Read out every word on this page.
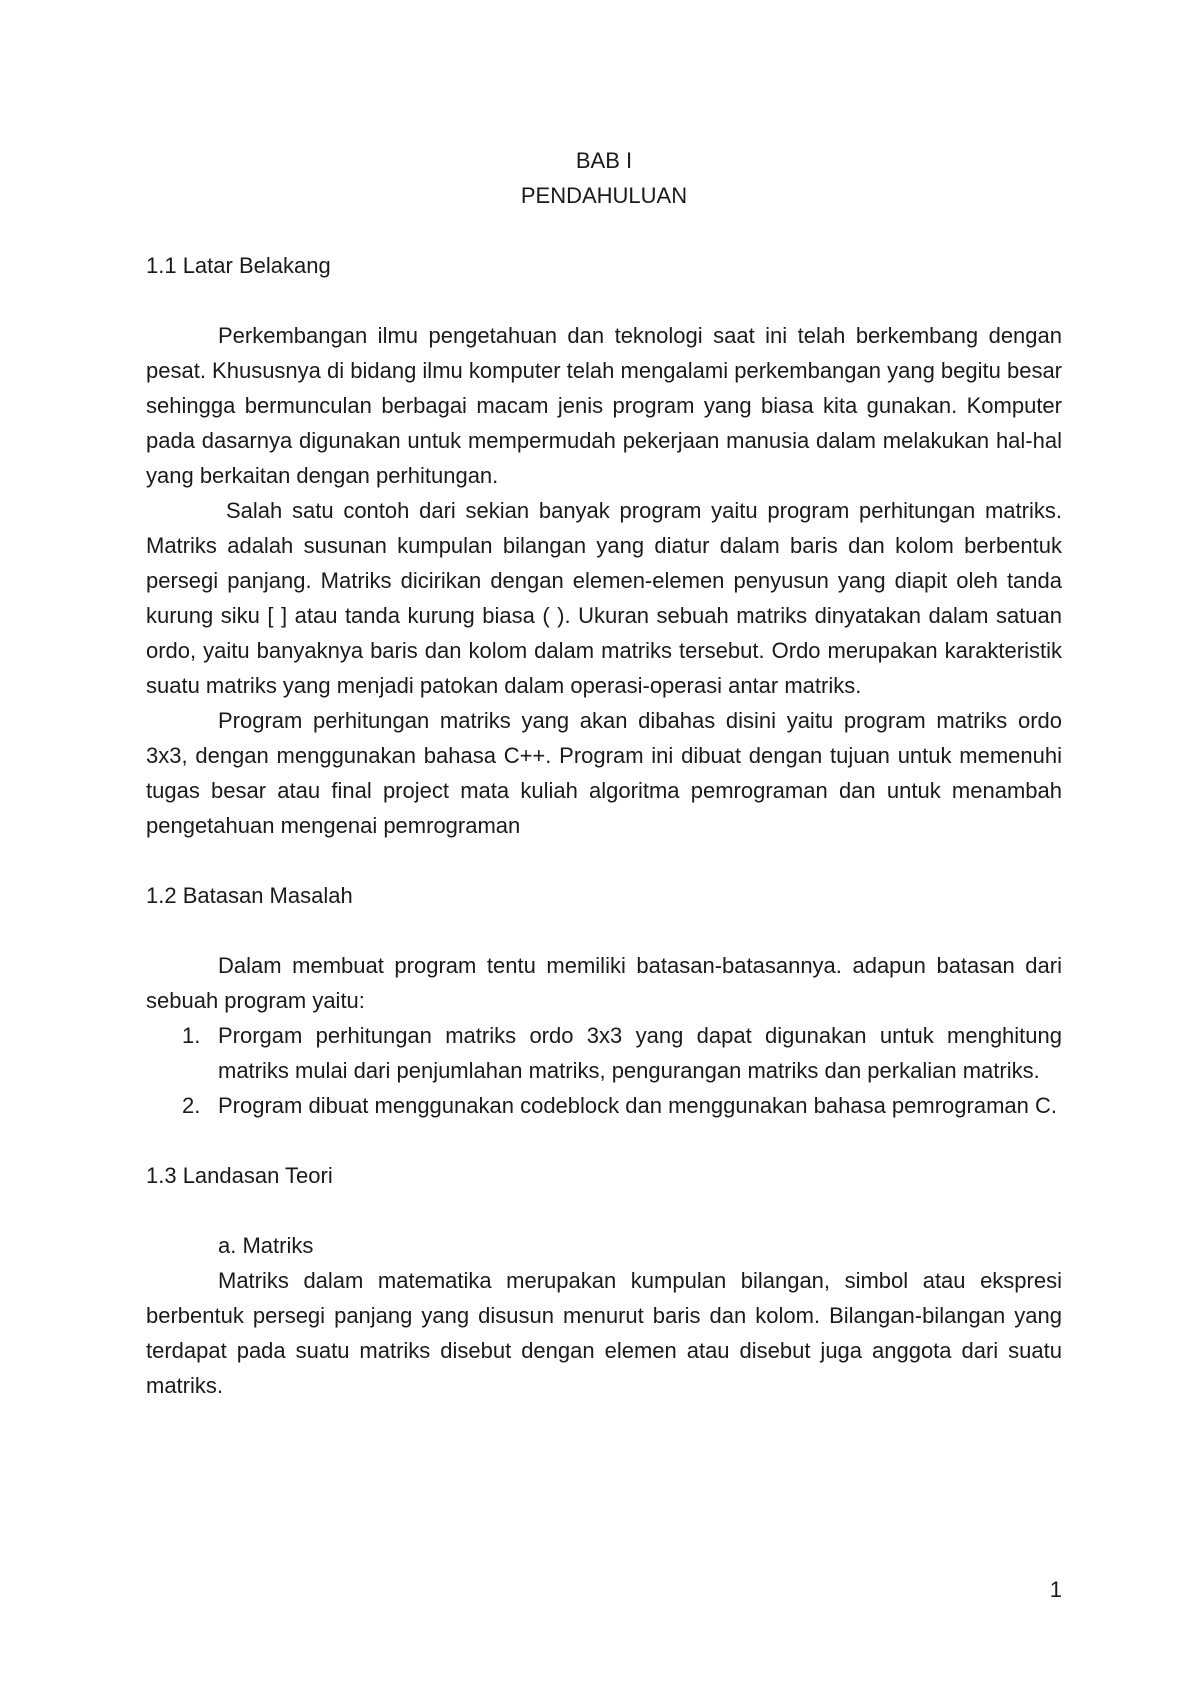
BAB I
PENDAHULUAN
1.1 Latar Belakang

Perkembangan ilmu pengetahuan dan teknologi saat ini telah berkembang dengan pesat. Khususnya di bidang ilmu komputer telah mengalami perkembangan yang begitu besar sehingga bermunculan berbagai macam jenis program yang biasa kita gunakan. Komputer pada dasarnya digunakan untuk mempermudah pekerjaan manusia dalam melakukan hal-hal yang berkaitan dengan perhitungan.

Salah satu contoh dari sekian banyak program yaitu program perhitungan matriks. Matriks adalah susunan kumpulan bilangan yang diatur dalam baris dan kolom berbentuk persegi panjang. Matriks dicirikan dengan elemen-elemen penyusun yang diapit oleh tanda kurung siku [ ] atau tanda kurung biasa ( ). Ukuran sebuah matriks dinyatakan dalam satuan ordo, yaitu banyaknya baris dan kolom dalam matriks tersebut. Ordo merupakan karakteristik suatu matriks yang menjadi patokan dalam operasi-operasi antar matriks.

Program perhitungan matriks yang akan dibahas disini yaitu program matriks ordo 3x3, dengan menggunakan bahasa C++. Program ini dibuat dengan tujuan untuk memenuhi tugas besar atau final project mata kuliah algoritma pemrograman dan untuk menambah pengetahuan mengenai pemrograman

1.2 Batasan Masalah

Dalam membuat program tentu memiliki batasan-batasannya. adapun batasan dari sebuah program yaitu:

1. Prorgam perhitungan matriks ordo 3x3 yang dapat digunakan untuk menghitung matriks mulai dari penjumlahan matriks, pengurangan matriks dan perkalian matriks.
2. Program dibuat menggunakan codeblock dan menggunakan bahasa pemrograman C.
1.3 Landasan Teori
a. Matriks

Matriks dalam matematika merupakan kumpulan bilangan, simbol atau ekspresi berbentuk persegi panjang yang disusun menurut baris dan kolom. Bilangan-bilangan yang terdapat pada suatu matriks disebut dengan elemen atau disebut juga anggota dari suatu matriks.

1
